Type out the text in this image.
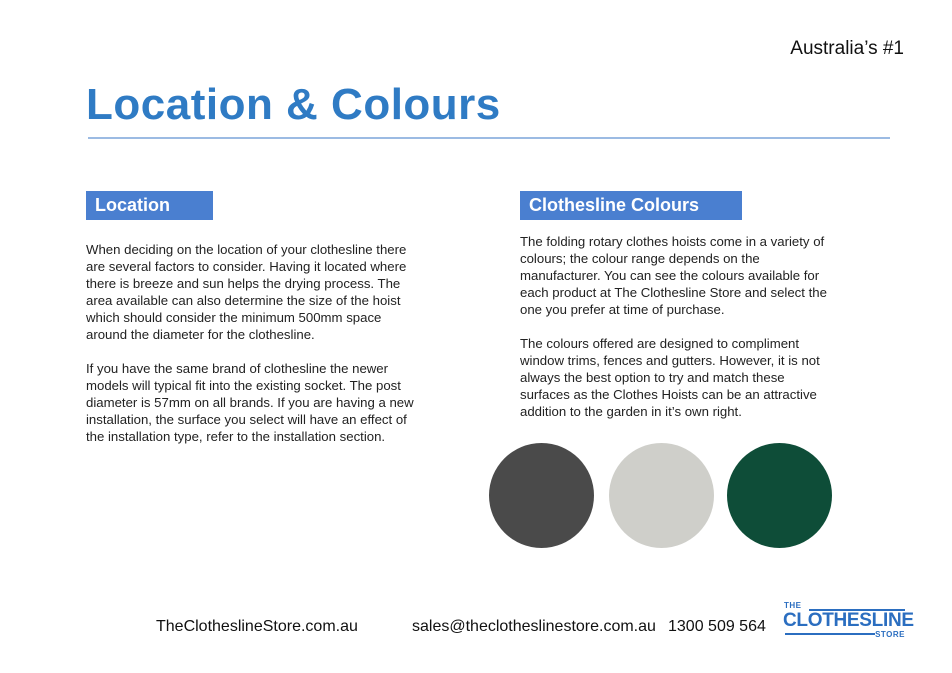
Australia’s #1
Location & Colours
Location

When deciding on the location of your clothesline there are several factors to consider. Having it located where there is breeze and sun helps the drying process. The area available can also determine the size of the hoist which should consider the minimum 500mm space around the diameter for the clothesline.

If you have the same brand of clothesline the newer models will typical fit into the existing socket. The post diameter is 57mm on all brands. If you are having a new installation, the surface you select will have an effect of the installation type, refer to the installation section.

Clothesline Colours

The folding rotary clothes hoists come in a variety of colours; the colour range depends on the manufacturer. You can see the colours available for each product at The Clothesline Store and select the one you prefer at time of purchase.

The colours offered are designed to compliment window trims, fences and gutters. However, it is not always the best option to try and match these surfaces as the Clothes Hoists can be an attractive addition to the garden in it’s own right.

TheClotheslineStore.com.au	sales@theclotheslinestore.com.au 1300 509 564
THE
CLOTHESLINE
STORE
